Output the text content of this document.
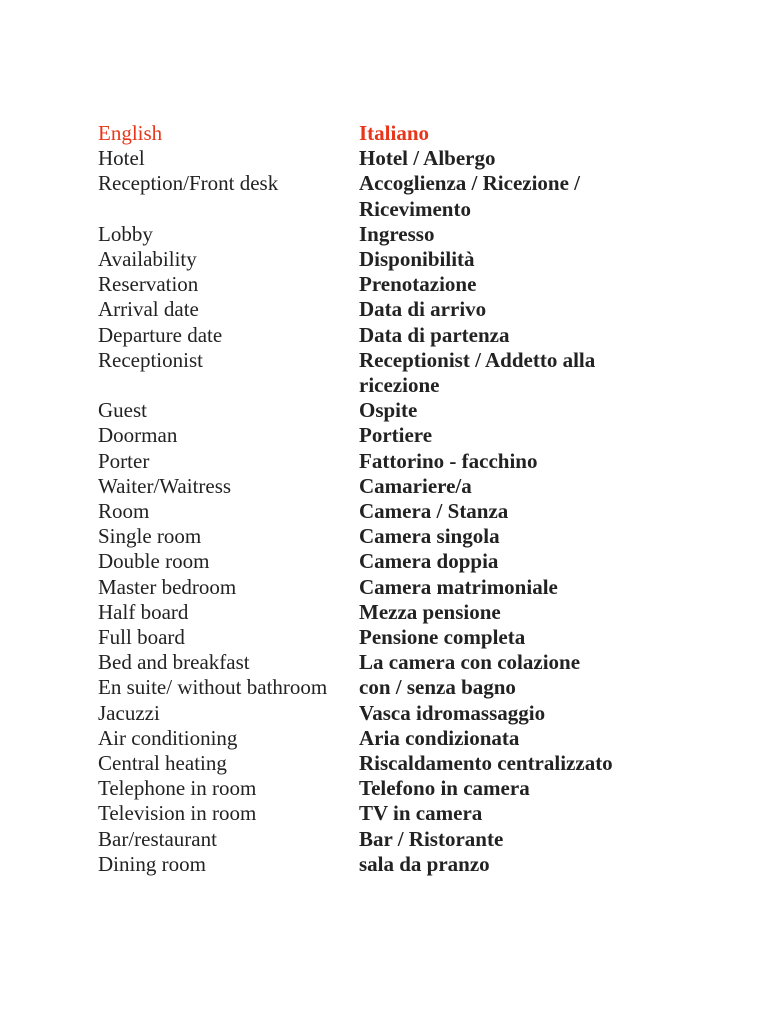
English	Italiano
Hotel	Hotel / Albergo
Reception/Front desk	Accoglienza / Ricezione / Ricevimento
Lobby	Ingresso
Availability	Disponibilità
Reservation	Prenotazione
Arrival date	Data di arrivo
Departure date	Data di partenza
Receptionist	Receptionist / Addetto alla ricezione
Guest	Ospite
Doorman	Portiere
Porter	Fattorino - facchino
Waiter/Waitress	Camariere/a
Room	Camera / Stanza
Single room	Camera singola
Double room	Camera doppia
Master bedroom	Camera matrimoniale
Half board	Mezza pensione
Full board	Pensione completa
Bed and breakfast	La camera con colazione
En suite/ without bathroom	con / senza bagno
Jacuzzi	Vasca idromassaggio
Air conditioning	Aria condizionata
Central heating	Riscaldamento centralizzato
Telephone in room	Telefono in camera
Television in room	TV in camera
Bar/restaurant	Bar / Ristorante
Dining room	sala da pranzo
